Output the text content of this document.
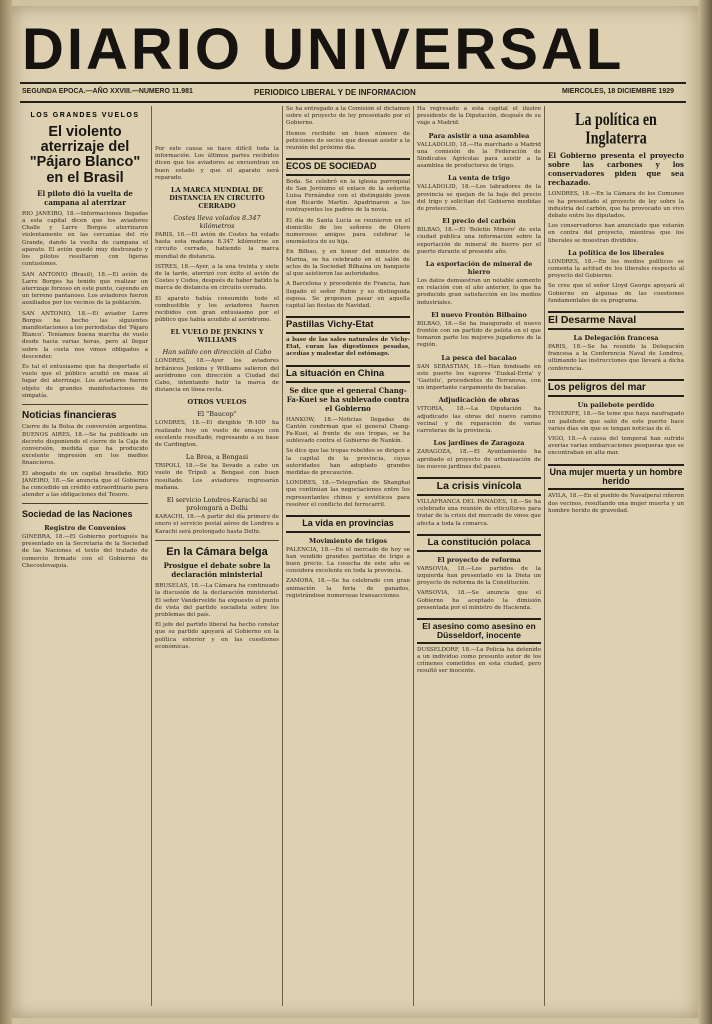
DIARIO UNIVERSAL
SEGUNDA EPOCA.—AÑO XXVIII.—NUMERO 11.981	PERIODICO LIBERAL Y DE INFORMACION	MIERCOLES, 18 DICIEMBRE 1929
LOS GRANDES VUELOS
El violento aterrizaje del "Pájaro Blanco" en el Brasil
El piloto dió la vuelta de campana al aterrizar

RIO JANEIRO, 18.—Informaciones llegadas a esta capital dicen que los aviadores Challe y Larre Borges aterrizaron violentamente en las cercanías del río Grande, dando la vuelta de campana el aparato. El avión quedó muy destrozado y los pilotos resultaron con ligeras contusiones.

SAN ANTONIO (Brasil), 18.—El avión de Larre Borges ha tenido que realizar un aterrizaje forzoso en este punto, cayendo en un terreno pantanoso. Los aviadores fueron auxiliados por los vecinos de la población.

SAN ANTONIO, 18.—El aviador Larre Borges ha hecho las siguientes manifestaciones a los periodistas del 'Pájaro Blanco'. Teníamos buena marcha de vuelo desde hacía varias horas, pero al llegar sobre la costa nos vimos obligados a descender.

Es tal el entusiasmo que ha despertado el vuelo que el público acudió en masa al lugar del aterrizaje. Los aviadores fueron objeto de grandes manifestaciones de simpatía.

Noticias financieras

Cierre de la Bolsa de conversión argentina. BUENOS AIRES, 18.—Se ha publicado un decreto disponiendo el cierre de la Caja de conversión, medida que ha producido excelente impresión en los medios financieros.

El abogado de un capital brasileño. RIO JANEIRO, 18.—Se anuncia que el Gobierno ha concedido un crédito extraordinario para atender a las obligaciones del Tesoro.

Sociedad de las Naciones
Registro de Convenios

GINEBRA, 18.—El Gobierno portugués ha presentado en la Secretaría de la Sociedad de las Naciones el texto del tratado de comercio firmado con el Gobierno de Checoslovaquia.

Por este causa se hace difícil toda la información. Los últimos partes recibidos dicen que los aviadores se encuentran en buen estado y que el aparato será reparado.

LA MARCA MUNDIAL DE DISTANCIA EN CIRCUITO CERRADO
Costes lleva volados 8.347 kilómetros

PARIS, 18.—El avión de Costes ha volado hasta esta mañana 8.347 kilómetros en circuito cerrado, batiendo la marca mundial de distancia.

ISTRES, 18.—Ayer, a la una treinta y siete de la tarde, aterrizó con éxito el avión de Costes y Codos, después de haber batido la marca de distancia en circuito cerrado.

El aparato había consumido todo el combustible y los aviadores fueron recibidos con gran entusiasmo por el público que había acudido al aeródromo.

EL VUELO DE JENKINS Y WILLIAMS
Han salido con dirección al Cabo

LONDRES, 18.—Ayer los aviadores británicos Jenkins y Williams salieron del aeródromo con dirección a Ciudad del Cabo, intentando batir la marca de distancia en línea recta.

OTROS VUELOS
El "Baucop"

LONDRES, 18.—El dirigible 'R-100' ha realizado hoy un vuelo de ensayo con excelente resultado, regresando a su base de Cardington.

La Brea, a Bengasi

TRIPOLI, 18.—Se ha llevado a cabo un vuelo de Trípoli a Bengasi con buen resultado. Los aviadores regresarán mañana.

El servicio Londres-Karachi se prolongará a Delhi

KARACHI, 18.—A partir del día primero de enero el servicio postal aéreo de Londres a Karachi será prolongado hasta Delhi.

En la Cámara belga
Prosigue el debate sobre la declaración ministerial

BRUSELAS, 18.—La Cámara ha continuado la discusión de la declaración ministerial. El señor Vandervelde ha expuesto el punto de vista del partido socialista sobre los problemas del país.

El jefe del partido liberal ha hecho constar que su partido apoyará al Gobierno en la política exterior y en las cuestiones económicas.

Se ha entregado a la Comisión el dictamen sobre el proyecto de ley presentado por el Gobierno.

Hemos recibido un buen número de peticiones de socios que desean asistir a la reunión del próximo día.

ECOS DE SOCIEDAD

Boda. Se celebró en la iglesia parroquial de San Jerónimo el enlace de la señorita Luisa Fernández con el distinguido joven don Ricardo Martín. Apadrinaron a los contrayentes los padres de la novia.

El día de Santa Lucía se reunieron en el domicilio de los señores de Otero numerosos amigos para celebrar la onomástica de su hija.

En Bilbao, y en honor del ministro de Marina, se ha celebrado en el salón de actos de la Sociedad Bilbaína un banquete al que asistieron las autoridades.

A Barcelona y procedente de Francia, han llegado el señor Rubio y su distinguida esposa. Se proponen pasar en aquella capital las fiestas de Navidad.

Pastillas Vichy-Etat

a base de las sales naturales de Vichy-Etat, curan las digestiones pesadas, acedías y malestar del estómago.

La situación en China
Se dice que el general Chang-Fa-Kuei se ha sublevado contra el Gobierno

HANKOW, 18.—Noticias llegadas de Cantón confirman que el general Chang-Fa-Kuei, al frente de sus tropas, se ha sublevado contra el Gobierno de Nankín.

Se dice que las tropas rebeldes se dirigen a la capital de la provincia, cuyas autoridades han adoptado grandes medidas de precaución.

LONDRES, 18.—Telegrafían de Shanghai que continúan las negociaciones entre los representantes chinos y soviéticos para resolver el conflicto del ferrocarril.

La vida en provincias
Movimiento de trigos

PALENCIA, 18.—En el mercado de hoy se han vendido grandes partidas de trigo a buen precio. La cosecha de este año se considera excelente en toda la provincia.

ZAMORA, 18.—Se ha celebrado con gran animación la feria de ganados, registrándose numerosas transacciones.

Ha regresado a esta capital el ilustre presidente de la Diputación, después de su viaje a Madrid.

Para asistir a una asamblea

VALLADOLID, 18.—Ha marchado a Madrid una comisión de la Federación de Sindicatos Agrícolas para asistir a la asamblea de productores de trigo.

La venta de trigo

VALLADOLID, 18.—Los labradores de la provincia se quejan de la baja del precio del trigo y solicitan del Gobierno medidas de protección.

El precio del carbón

BILBAO, 18.—El 'Boletín Minero' de esta ciudad publica una información sobre la exportación de mineral de hierro por el puerto durante el presente año.

La exportación de mineral de hierro

Los datos demuestran un notable aumento en relación con el año anterior, lo que ha producido gran satisfacción en los medios industriales.

El nuevo Frontón Bilbaíno

BILBAO, 18.—Se ha inaugurado el nuevo frontón con un partido de pelota en el que tomaron parte los mejores jugadores de la región.

La pesca del bacalao

SAN SEBASTIAN, 18.—Han fondeado en este puerto los vapores 'Euskal-Erria' y 'Gaztelu', procedentes de Terranova, con un importante cargamento de bacalao.

Adjudicación de obras

VITORIA, 18.—La Diputación ha adjudicado las obras del nuevo camino vecinal y de reparación de varias carreteras de la provincia.

Los jardines de Zaragoza

ZARAGOZA, 18.—El Ayuntamiento ha aprobado el proyecto de urbanización de los nuevos jardines del paseo.

La crisis vinícola

VILLAFRANCA DEL PANADES, 18.—Se ha celebrado una reunión de viticultores para tratar de la crisis del mercado de vinos que afecta a toda la comarca.

La constitución polaca
El proyecto de reforma

VARSOVIA, 18.—Los partidos de la izquierda han presentado en la Dieta un proyecto de reforma de la Constitución.

VARSOVIA, 18.—Se anuncia que el Gobierno ha aceptado la dimisión presentada por el ministro de Hacienda.

El asesino como asesino en Düsseldorf, inocente

DUSSELDORF, 18.—La Policía ha detenido a un individuo como presunto autor de los crímenes cometidos en esta ciudad, pero resultó ser inocente.

La política en Inglaterra
El Gobierno presenta el proyecto sobre las carbones y los conservadores piden que sea rechazado.

LONDRES, 18.—En la Cámara de los Comunes se ha presentado el proyecto de ley sobre la industria del carbón, que ha provocado un vivo debate entre los diputados.

Los conservadores han anunciado que votarán en contra del proyecto, mientras que los liberales se muestran divididos.

La política de los liberales

LONDRES, 18.—En los medios políticos se comenta la actitud de los liberales respecto al proyecto del Gobierno.

Se cree que el señor Lloyd George apoyará al Gobierno en algunas de las cuestiones fundamentales de su programa.

El Desarme Naval
La Delegación francesa

PARIS, 18.—Se ha reunido la Delegación francesa a la Conferencia Naval de Londres, ultimando las instrucciones que llevará a dicha conferencia.

Los peligros del mar
Un pailebote perdido

TENERIFE, 18.—Se teme que haya naufragado un pailebote que salió de este puerto hace varios días sin que se tengan noticias de él.

VIGO, 18.—A causa del temporal han sufrido averías varias embarcaciones pesqueras que se encontraban en alta mar.

Una mujer muerta y un hombre herido

AVILA, 18.—En el pueblo de Navalperal riñeron dos vecinos, resultando una mujer muerta y un hombre herido de gravedad.
